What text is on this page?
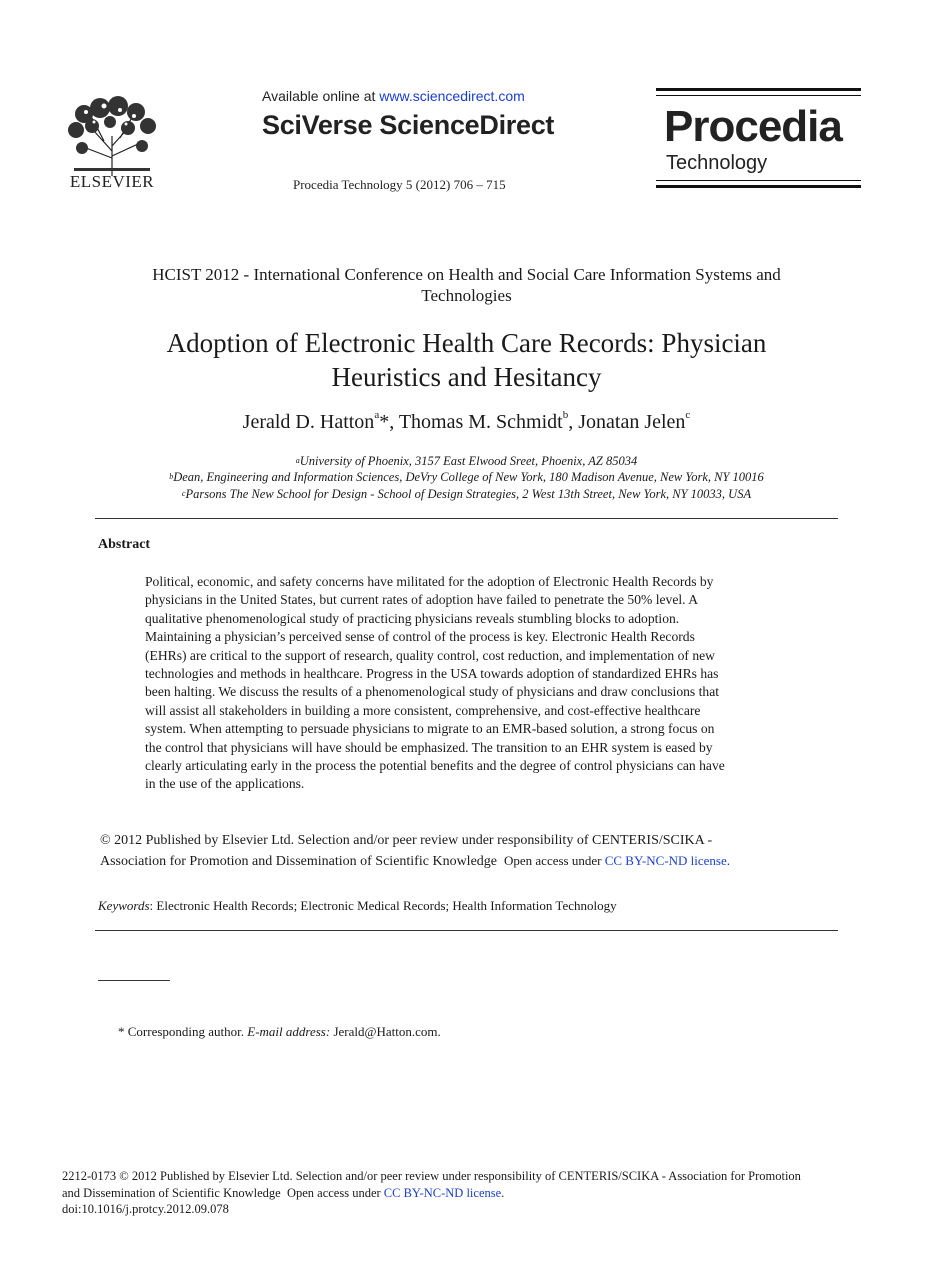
ELSEVIER
Available online at www.sciencedirect.com
SciVerse ScienceDirect
Procedia Technology 5 (2012) 706 – 715
Procedia
Technology
HCIST 2012 - International Conference on Health and Social Care Information Systems and
Technologies
Adoption of Electronic Health Care Records: Physician
Heuristics and Hesitancy
Jerald D. Hatton$^a$*, Thomas M. Schmidt$^b$, Jonatan Jelen$^c$
$^a$University of Phoenix, 3157 East Elwood Sreet, Phoenix, AZ 85034
$^b$Dean, Engineering and Information Sciences, DeVry College of New York, 180 Madison Avenue, New York, NY 10016
$^c$Parsons The New School for Design - School of Design Strategies, 2 West 13th Street, New York, NY 10033, USA
Abstract
Political, economic, and safety concerns have militated for the adoption of Electronic Health Records by
physicians in the United States, but current rates of adoption have failed to penetrate the 50% level. A
qualitative phenomenological study of practicing physicians reveals stumbling blocks to adoption.
Maintaining a physician’s perceived sense of control of the process is key. Electronic Health Records
(EHRs) are critical to the support of research, quality control, cost reduction, and implementation of new
technologies and methods in healthcare. Progress in the USA towards adoption of standardized EHRs has
been halting. We discuss the results of a phenomenological study of physicians and draw conclusions that
will assist all stakeholders in building a more consistent, comprehensive, and cost-effective healthcare
system. When attempting to persuade physicians to migrate to an EMR-based solution, a strong focus on
the control that physicians will have should be emphasized. The transition to an EHR system is eased by
clearly articulating early in the process the potential benefits and the degree of control physicians can have
in the use of the applications.
© 2012 Published by Elsevier Ltd. Selection and/or peer review under responsibility of CENTERIS/SCIKA -
Association for Promotion and Dissemination of Scientific Knowledge Open access under CC BY-NC-ND license.
Keywords: Electronic Health Records; Electronic Medical Records; Health Information Technology
* Corresponding author. E-mail address: Jerald@Hatton.com.
2212-0173 © 2012 Published by Elsevier Ltd. Selection and/or peer review under responsibility of CENTERIS/SCIKA - Association for Promotion
and Dissemination of Scientific Knowledge Open access under CC BY-NC-ND license.
doi:10.1016/j.protcy.2012.09.078
